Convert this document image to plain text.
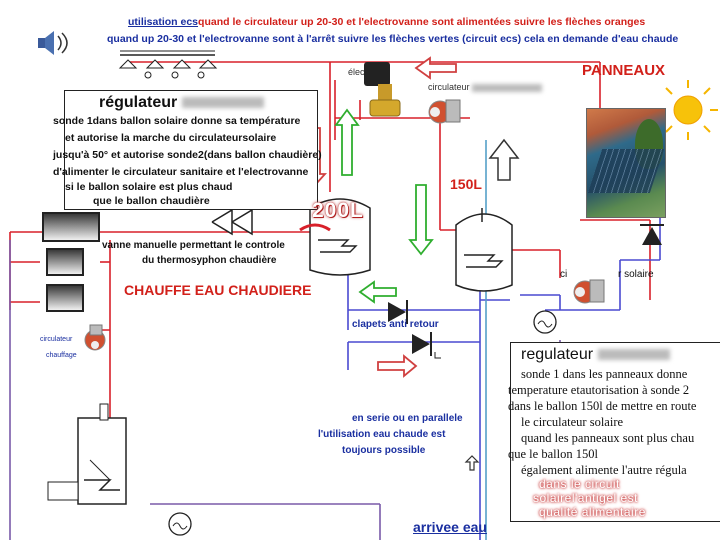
utilisation ecsquand le circulateur up 20-30 et l'electrovanne sont alimentées suivre les flèches oranges
quand up 20-30 et l'electrovanne sont à l'arrêt suivre les flèches vertes (circuit ecs) cela en demande d'eau chaude
PANNEAUX
élec
circulateur
régulateur
sonde 1dans ballon solaire donne sa température
et autorise la marche du circulateursolaire
jusqu'à 50° et autorise sonde2(dans ballon chaudière)
d'alimenter le circulateur sanitaire et l'electrovanne
si le ballon solaire est plus chaud
que le ballon chaudière	200L
150L
ci	r solaire
vanne manuelle permettant le controle
du thermosyphon chaudière
CHAUFFE EAU CHAUDIERE
clapets anti retour
circulateur
chauffage
en serie ou en parallele
l'utilisation eau chaude est
toujours possible
arrivee eau
regulateur
sonde 1 dans les panneaux donne
temperature etautorisation à sonde 2
dans le ballon 150l de mettre en route
le circulateur solaire
quand les panneaux sont plus chau
que le ballon 150l
également alimente l'autre régula
dans le circuit
solairel'antigel est
qualité alimentaire
